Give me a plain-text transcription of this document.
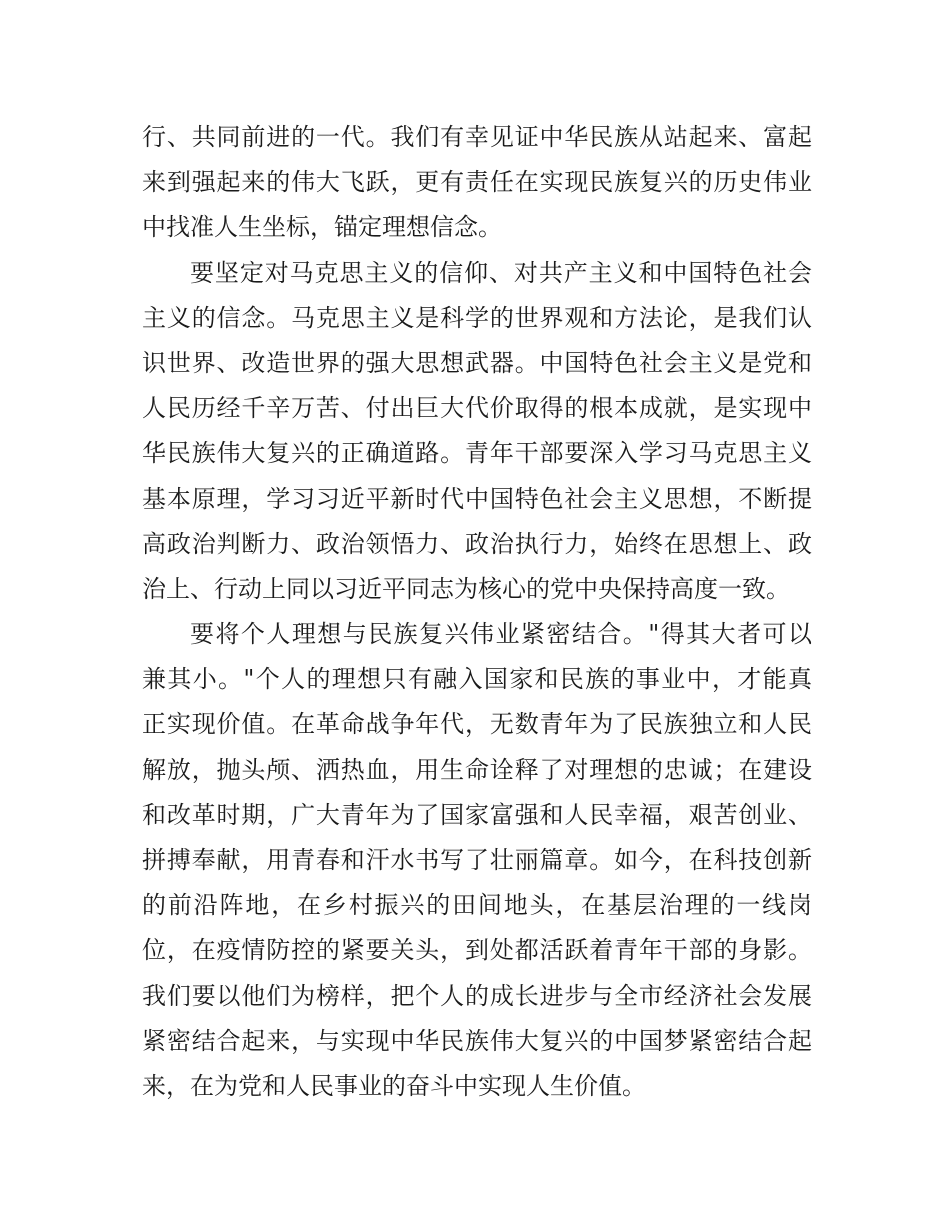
行、共同前进的一代。我们有幸见证中华民族从站起来、富起
来到强起来的伟大飞跃，更有责任在实现民族复兴的历史伟业
中找准人生坐标，锚定理想信念。
要坚定对马克思主义的信仰、对共产主义和中国特色社会
主义的信念。马克思主义是科学的世界观和方法论，是我们认
识世界、改造世界的强大思想武器。中国特色社会主义是党和
人民历经千辛万苦、付出巨大代价取得的根本成就，是实现中
华民族伟大复兴的正确道路。青年干部要深入学习马克思主义
基本原理，学习习近平新时代中国特色社会主义思想，不断提
高政治判断力、政治领悟力、政治执行力，始终在思想上、政
治上、行动上同以习近平同志为核心的党中央保持高度一致。
要将个人理想与民族复兴伟业紧密结合。"得其大者可以
兼其小。"个人的理想只有融入国家和民族的事业中，才能真
正实现价值。在革命战争年代，无数青年为了民族独立和人民
解放，抛头颅、洒热血，用生命诠释了对理想的忠诚；在建设
和改革时期，广大青年为了国家富强和人民幸福，艰苦创业、
拼搏奉献，用青春和汗水书写了壮丽篇章。如今，在科技创新
的前沿阵地，在乡村振兴的田间地头，在基层治理的一线岗
位，在疫情防控的紧要关头，到处都活跃着青年干部的身影。
我们要以他们为榜样，把个人的成长进步与全市经济社会发展
紧密结合起来，与实现中华民族伟大复兴的中国梦紧密结合起
来，在为党和人民事业的奋斗中实现人生价值。
